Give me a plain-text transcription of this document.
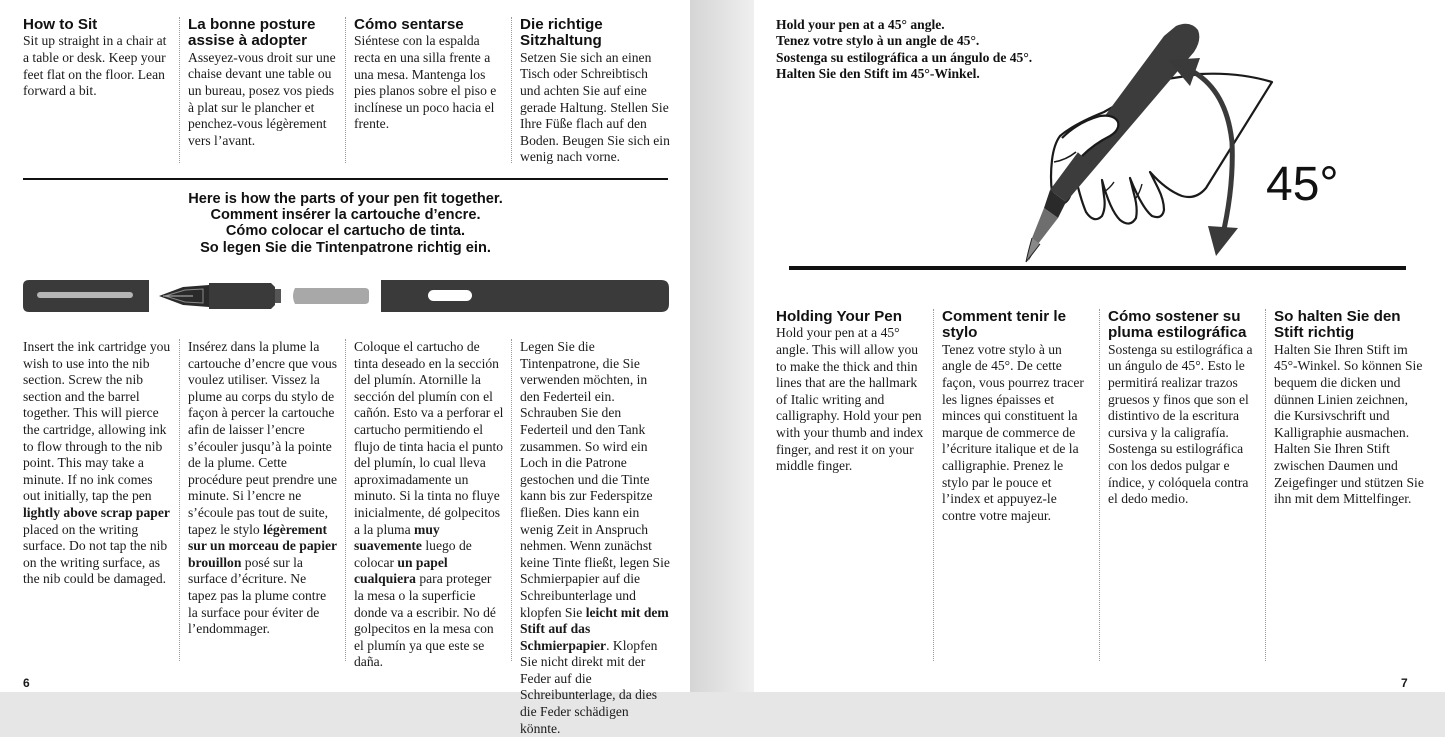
How to Sit

Sit up straight in a chair at a table or desk. Keep your feet flat on the floor. Lean forward a bit.

La bonne posture assise à adopter

Asseyez-vous droit sur une chaise devant une table ou un bureau, posez vos pieds à plat sur le plancher et penchez-vous légèrement vers l’avant.

Cómo sentarse

Siéntese con la espalda recta en una silla frente a una mesa. Mantenga los pies planos sobre el piso e inclínese un poco hacia el frente.

Die richtige Sitzhaltung

Setzen Sie sich an einen Tisch oder Schreibtisch und achten Sie auf eine gerade Haltung. Stellen Sie Ihre Füße flach auf den Boden. Beugen Sie sich ein wenig nach vorne.

Here is how the parts of your pen fit together.
Comment insérer la cartouche d’encre.
Cómo colocar el cartucho de tinta.
So legen Sie die Tintenpatrone richtig ein.

Insert the ink cartridge you wish to use into the nib section. Screw the nib section and the barrel together. This will pierce the cartridge, allowing ink to flow through to the nib point. This may take a minute. If no ink comes out initially, tap the pen lightly above scrap paper placed on the writing surface. Do not tap the nib on the writing surface, as the nib could be damaged.

Insérez dans la plume la cartouche d’encre que vous voulez utiliser. Vissez la plume au corps du stylo de façon à percer la cartouche afin de laisser l’encre s’écouler jusqu’à la pointe de la plume. Cette procédure peut prendre une minute. Si l’encre ne s’écoule pas tout de suite, tapez le stylo légèrement sur un morceau de papier brouillon posé sur la surface d’écriture. Ne tapez pas la plume contre la surface pour éviter de l’endommager.

Coloque el cartucho de tinta deseado en la sección del plumín. Atornille la sección del plumín con el cañón. Esto va a perforar el cartucho permitiendo el flujo de tinta hacia el punto del plumín, lo cual lleva aproximadamente un minuto. Si la tinta no fluye inicialmente, dé golpecitos a la pluma muy suavemente luego de colocar un papel cualquiera para proteger la mesa o la superficie donde va a escribir. No dé golpecitos en la mesa con el plumín ya que este se daña.

Legen Sie die Tintenpatrone, die Sie verwenden möchten, in den Federteil ein. Schrauben Sie den Federteil und den Tank zusammen. So wird ein Loch in die Patrone gestochen und die Tinte kann bis zur Federspitze fließen. Dies kann ein wenig Zeit in Anspruch nehmen. Wenn zunächst keine Tinte fließt, legen Sie Schmierpapier auf die Schreibunterlage und klopfen Sie leicht mit dem Stift auf das Schmierpapier. Klopfen Sie nicht direkt mit der Feder auf die Schreibunterlage, da dies die Feder schädigen könnte.

6
Hold your pen at a 45° angle.
Tenez votre stylo à un angle de 45°.
Sostenga su estilográfica a un ángulo de 45°.
Halten Sie den Stift im 45°-Winkel.
45°
Holding Your Pen

Hold your pen at a 45° angle. This will allow you to make the thick and thin lines that are the hallmark of Italic writing and calligraphy. Hold your pen with your thumb and index finger, and rest it on your middle finger.

Comment tenir le stylo

Tenez votre stylo à un angle de 45°. De cette façon, vous pourrez tracer les lignes épaisses et minces qui constituent la marque de commerce de l’écriture italique et de la calligraphie. Prenez le stylo par le pouce et l’index et appuyez-le contre votre majeur.

Cómo sostener su pluma estilográfica

Sostenga su estilográfica a un ángulo de 45°. Esto le permitirá realizar trazos gruesos y finos que son el distintivo de la escritura cursiva y la caligrafía. Sostenga su estilográfica con los dedos pulgar e índice, y colóquela contra el dedo medio.

So halten Sie den Stift richtig

Halten Sie Ihren Stift im 45°-Winkel. So können Sie bequem die dicken und dünnen Linien zeichnen, die Kursivschrift und Kalligraphie ausmachen. Halten Sie Ihren Stift zwischen Daumen und Zeigefinger und stützen Sie ihn mit dem Mittelfinger.

7
